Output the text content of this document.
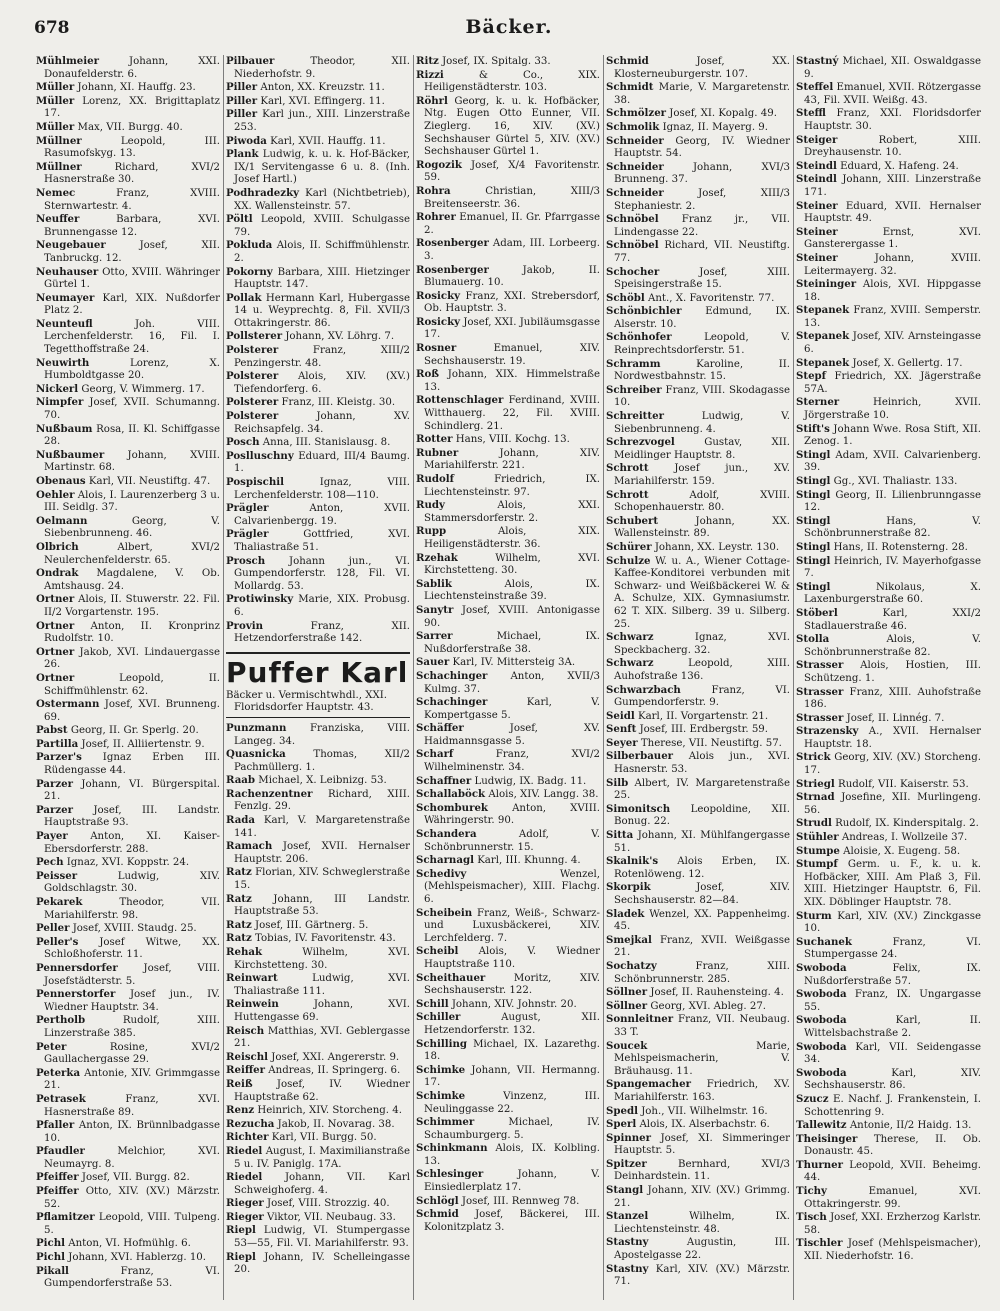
678	Bäcker.
Mühlmeier	Johann, XXI. Donaufelderstr. 6.
Müller Johann, XI. Hauffg. 23.
Müller Lorenz, XX. Brigittaplatz 17.
Müller Max, VII. Burgg. 40.
Müllner	Leopold, III. Rasumofskyg. 13.
Müllner	Richard, XVI/2 Hasnerstraße 30.
Nemec	Franz, XVIII. Sternwartestr. 4.
Neuffer	Barbara, XVI. Brunnengasse 12.
Neugebauer	Josef, XII. Tanbruckg. 12.
Neuhauser Otto, XVIII. Währinger Gürtel 1.
Neumayer Karl, XIX. Nußdorfer Platz 2.
Neunteufl	Joh. VIII. Lerchenfelderstr. 16, Fil. I. Tegetthoffstraße 24.
Neuwirth	Lorenz, X. Humboldtgasse 20.
Nickerl Georg, V. Wimmerg. 17.
Nimpfer Josef, XVII. Schumanng. 70.
Nußbaum Rosa, II. Kl. Schiffgasse 28.
Nußbaumer Johann, XVIII. Martinstr. 68.
Obenaus Karl, VII. Neustiftg. 47.
Oehler Alois, I. Laurenzerberg 3 u. III. Seidlg. 37.
Oelmann	Georg, V. Siebenbrunneng. 46.
Olbrich	Albert, XVI/2 Neulerchenfelderstr. 65.
Ondrak Magdalene, V. Ob. Amtshausg. 24.
Ortner Alois, II. Stuwerstr. 22. Fil. II/2 Vorgartenstr. 195.
Ortner Anton, II. Kronprinz Rudolfstr. 10.
Ortner Jakob, XVI. Lindauergasse 26.
Ortner	Leopold, II. Schiffmühlenstr. 62.
Ostermann Josef, XVI. Brunneng. 69.
Pabst Georg, II. Gr. Sperlg. 20.
Partilla Josef, II. Alliiertenstr. 9.
Parzer's Ignaz Erben III. Rüdengasse 44.
Parzer Johann, VI. Bürgerspital. 21.
Parzer Josef, III. Landstr. Hauptstraße 93.
Payer Anton, XI. Kaiser-Ebersdorferstr. 288.
Pech Ignaz, XVI. Koppstr. 24.
Peisser	Ludwig, XIV. Goldschlagstr. 30.
Pekarek	Theodor, VII. Mariahilferstr. 98.
Peller Josef, XVIII. Staudg. 25.
Peller's Josef Witwe, XX. Schloßhoferstr. 11.
Pennersdorfer	Josef, VIII. Josefstädterstr. 5.
Pennerstorfer Josef jun., IV. Wiedner Hauptstr. 34.
Pertholb	Rudolf, XIII. Linzerstraße 385.
Peter	Rosine, XVI/2 Gaullachergasse 29.
Peterka Antonie, XIV. Grimmgasse 21.
Petrasek	Franz, XVI. Hasnerstraße 89.
Pfaller Anton, IX. Brünnlbadgasse 10.
Pfaudler	Melchior, XVI. Neumayrg. 8.
Pfeiffer Josef, VII. Burgg. 82.
Pfeiffer Otto, XIV. (XV.) Märzstr. 52.
Pflamitzer Leopold, VIII. Tulpeng. 5.
Pichl Anton, VI. Hofmühlg. 6.
Pichl Johann, XVI. Hablerzg. 10.
Pikall	Franz, VI. Gumpendorferstraße 53.
Pilbauer	Theodor, XII. Niederhofstr. 9.
Piller Anton, XX. Kreuzstr. 11.
Piller Karl, XVI. Effingerg. 11.
Piller Karl jun., XIII. Linzerstraße 253.
Piwoda Karl, XVII. Hauffg. 11.
Plank Ludwig, k. u. k. Hof-Bäcker, IX/1 Servitengasse 6 u. 8. (Inh. Josef Hartl.)
Podhradezky Karl (Nichtbetrieb), XX. Wallensteinstr. 57.
Pöltl Leopold, XVIII. Schulgasse 79.
Pokluda Alois, II. Schiffmühlenstr. 2.
Pokorny Barbara, XIII. Hietzinger Hauptstr. 147.
Pollak Hermann Karl, Hubergasse 14 u. Weyprechtg. 8, Fil. XVII/3 Ottakringerstr. 86.
Pollsterer Johann, XV. Löhrg. 7.
Polsterer	Franz, XIII/2 Penzingerstr. 48.
Polsterer Alois, XIV. (XV.) Tiefendorferg. 6.
Polsterer Franz, III. Kleistg. 30.
Polsterer	Johann, XV. Reichsapfelg. 34.
Posch Anna, III. Stanislausg. 8.
Poslluschny Eduard, III/4 Baumg. 1.
Pospischil	Ignaz, VIII. Lerchenfelderstr. 108—110.
Prägler	Anton, XVII. Calvarienbergg. 19.
Prägler	Gottfried, XVI. Thaliastraße 51.
Prosch Johann jun., VI. Gumpendorferstr. 128, Fil. VI. Mollardg. 53.
Protiwinsky Marie, XIX. Probusg. 6.
Provin	Franz, XII. Hetzendorferstraße 142.
Puffer Karl
Bäcker u. Vermischtwhdl., XXI. Floridsdorfer Hauptstr. 43.
Punzmann Franziska, VIII. Langeg. 34.
Quasnicka	Thomas, XII/2 Pachmüllerg. 1.
Raab Michael, X. Leibnizg. 53.
Rachenzentner Richard, XIII. Fenzlg. 29.
Rada Karl, V. Margaretenstraße 141.
Ramach Josef, XVII. Hernalser Hauptstr. 206.
Ratz Florian, XIV. Schweglerstraße 15.
Ratz Johann, III Landstr. Hauptstraße 53.
Ratz Josef, III. Gärtnerg. 5.
Ratz Tobias, IV. Favoritenstr. 43.
Rehak	Wilhelm, XVI. Kirchstetteng. 30.
Reinwart	Ludwig, XVI. Thaliastraße 111.
Reinwein	Johann, XVI. Huttengasse 69.
Reisch Matthias, XVI. Geblergasse 21.
Reischl Josef, XXI. Angererstr. 9.
Reiffer Andreas, II. Springerg. 6.
Reiß Josef, IV. Wiedner Hauptstraße 62.
Renz Heinrich, XIV. Storcheng. 4.
Rezucha Jakob, II. Novarag. 38.
Richter Karl, VII. Burgg. 50.
Riedel August, I. Maximilianstraße 5 u. IV. Paniglg. 17A.
Riedel Johann, VII. Karl Schweighoferg. 4.
Rieger Josef, VIII. Strozzig. 40.
Rieger Viktor, VII. Neubaug. 33.
Riepl Ludwig, VI. Stumpergasse 53—55, Fil. VI. Mariahilferstr. 93.
Riepl Johann, IV. Schelleingasse 20.
Ritz Josef, IX. Spitalg. 33.
Rizzi	& Co., XIX. Heiligenstädterstr. 103.
Röhrl Georg, k. u. k. Hofbäcker, Ntg. Eugen Otto Eunner, VII. Zieglerg. 16, XIV. (XV.) Sechshauser Gürtel 5, XIV. (XV.) Sechshauser Gürtel 1.
Rogozik Josef, X/4 Favoritenstr. 59.
Rohra	Christian, XIII/3 Breitenseerstr. 36.
Rohrer Emanuel, II. Gr. Pfarrgasse 2.
Rosenberger Adam, III. Lorbeerg. 3.
Rosenberger	Jakob, II. Blumauerg. 10.
Rosicky Franz, XXI. Strebersdorf, Ob. Hauptstr. 3.
Rosicky Josef, XXI. Jubiläumsgasse 17.
Rosner	Emanuel, XIV. Sechshauserstr. 19.
Roß Johann, XIX. Himmelstraße 13.
Rottenschlager Ferdinand, XVIII. Witthauerg. 22, Fil. XVIII. Schindlerg. 21.
Rotter Hans, VIII. Kochg. 13.
Rubner	Johann, XIV. Mariahilferstr. 221.
Rudolf	Friedrich, IX. Liechtensteinstr. 97.
Rudy	Alois, XXI. Stammersdorferstr. 2.
Rupp	Alois, XIX. Heiligenstädterstr. 36.
Rzehak	Wilhelm, XVI. Kirchstetteng. 30.
Sablik	Alois, IX. Liechtensteinstraße 39.
Sanytr Josef, XVIII. Antonigasse 90.
Sarrer	Michael, IX. Nußdorferstraße 38.
Sauer Karl, IV. Mittersteig 3A.
Schachinger Anton, XVII/3 Kulmg. 37.
Schachinger	Karl, V. Kompertgasse 5.
Schäffer	Josef, XV. Haidmannsgasse 5.
Scharf	Franz, XVI/2 Wilhelminenstr. 34.
Schaffner Ludwig, IX. Badg. 11.
Schallaböck Alois, XIV. Langg. 38.
Schomburek Anton, XVIII. Währingerstr. 90.
Schandera	Adolf, V. Schönbrunnerstr. 15.
Scharnagl Karl, III. Khunng. 4.
Schedivy	Wenzel, (Mehlspeismacher), XIII. Flachg. 6.
Scheibein Franz, Weiß-, Schwarz- und Luxusbäckerei, XIV. Lerchfelderg. 7.
Scheibl Alois, V. Wiedner Hauptstraße 110.
Scheithauer	Moritz, XIV. Sechshauserstr. 122.
Schill Johann, XIV. Johnstr. 20.
Schiller	August, XII. Hetzendorferstr. 132.
Schilling Michael, IX. Lazarethg. 18.
Schimke Johann, VII. Hermanng. 17.
Schimke	Vinzenz, III. Neulinggasse 22.
Schimmer	Michael, IV. Schaumburgerg. 5.
Schinkmann Alois, IX. Kolbling. 13.
Schlesinger	Johann, V. Einsiedlerplatz 17.
Schlögl Josef, III. Rennweg 78.
Schmid Josef, Bäckerei, III. Kolonitzplatz 3.
Schmid	Josef, XX. Klosterneuburgerstr. 107.
Schmidt Marie, V. Margaretenstr. 38.
Schmölzer Josef, XI. Kopalg. 49.
Schmolik Ignaz, II. Mayerg. 9.
Schneider Georg, IV. Wiedner Hauptstr. 54.
Schneider	Johann, XVI/3 Brunneng. 37.
Schneider	Josef, XIII/3 Stephaniestr. 2.
Schnöbel Franz jr., VII. Lindengasse 22.
Schnöbel Richard, VII. Neustiftg. 77.
Schocher	Josef, XIII. Speisingerstraße 15.
Schöbl Ant., X. Favoritenstr. 77.
Schönbichler Edmund, IX. Alserstr. 10.
Schönhofer	Leopold, V. Reinprechtsdorferstr. 51.
Schramm	Karoline, II. Nordwestbahnstr. 15.
Schreiber Franz, VIII. Skodagasse 10.
Schreitter	Ludwig, V. Siebenbrunneng. 4.
Schrezvogel	Gustav, XII. Meidlinger Hauptstr. 8.
Schrott	Josef jun., XV. Mariahilferstr. 159.
Schrott	Adolf, XVIII. Schopenhauerstr. 80.
Schubert	Johann, XX. Wallensteinstr. 89.
Schürer Johann, XX. Leystr. 130.
Schulze W. u. A., Wiener Cottage-Kaffee-Konditorei verbunden mit Schwarz- und Weißbäckerei W. & A. Schulze, XIX. Gymnasiumstr. 62 T. XIX. Silberg. 39 u. Silberg. 25.
Schwarz	Ignaz, XVI. Speckbacherg. 32.
Schwarz	Leopold, XIII. Auhofstraße 136.
Schwarzbach	Franz, VI. Gumpendorferstr. 9.
Seidl Karl, II. Vorgartenstr. 21.
Senft Josef, III. Erdbergstr. 59.
Seyer Therese, VII. Neustiftg. 57.
Silberbauer Alois jun., XVI. Hasnerstr. 53.
Silb Albert, IV. Margaretenstraße 25.
Simonitsch Leopoldine, XII. Bonug. 22.
Sitta Johann, XI. Mühlfangergasse 51.
Skalnik's Alois Erben, IX. Rotenlöweng. 12.
Skorpik	Josef, XIV. Sechshauserstr. 82—84.
Sladek Wenzel, XX. Pappenheimg. 45.
Smejkal Franz, XVII. Weißgasse 21.
Sochatzy	Franz, XIII. Schönbrunnerstr. 285.
Söllner Josef, II. Rauhensteing. 4.
Söllner Georg, XVI. Ableg. 27.
Sonnleitner Franz, VII. Neubaug. 33 T.
Soucek	Marie, Mehlspeismacherin, V. Bräuhausg. 11.
Spangemacher Friedrich, XV. Mariahilferstr. 163.
Spedl Joh., VII. Wilhelmstr. 16.
Sperl Alois, IX. Alserbachstr. 6.
Spinner Josef, XI. Simmeringer Hauptstr. 5.
Spitzer	Bernhard, XVI/3 Deinhardstein. 11.
Stangl Johann, XIV. (XV.) Grimmg. 21.
Stanzel	Wilhelm, IX. Liechtensteinstr. 48.
Stastny	Augustin, III. Apostelgasse 22.
Stastny Karl, XIV. (XV.) Märzstr. 71.
Stastný Michael, XII. Oswaldgasse 9.
Steffel Emanuel, XVII. Rötzergasse 43, Fil. XVII. Weißg. 43.
Steffl Franz, XXI. Floridsdorfer Hauptstr. 30.
Steiger	Robert, XIII. Dreyhausenstr. 10.
Steindl Eduard, X. Hafeng. 24.
Steindl Johann, XIII. Linzerstraße 171.
Steiner Eduard, XVII. Hernalser Hauptstr. 49.
Steiner	Ernst, XVI. Gansterergasse 1.
Steiner	Johann, XVIII. Leitermayerg. 32.
Steininger Alois, XVI. Hippgasse 18.
Stepanek Franz, XVIII. Semperstr. 13.
Stepanek Josef, XIV. Arnsteingasse 6.
Stepanek Josef, X. Gellertg. 17.
Stepf Friedrich, XX. Jägerstraße 57A.
Sterner	Heinrich, XVII. Jörgerstraße 10.
Stift's Johann Wwe. Rosa Stift, XII. Zenog. 1.
Stingl Adam, XVII. Calvarienberg. 39.
Stingl Gg., XVI. Thaliastr. 133.
Stingl Georg, II. Lilienbrunngasse 12.
Stingl	Hans, V. Schönbrunnerstraße 82.
Stingl Hans, II. Rotensterng. 28.
Stingl Heinrich, IV. Mayerhofgasse 7.
Stingl	Nikolaus, X. Laxenburgerstraße 60.
Stöberl	Karl, XXI/2 Stadlauerstraße 46.
Stolla	Alois, V. Schönbrunnerstraße 82.
Strasser Alois, Hostien, III. Schützeng. 1.
Strasser Franz, XIII. Auhofstraße 186.
Strasser Josef, II. Linnég. 7.
Strazensky A., XVII. Hernalser Hauptstr. 18.
Strick Georg, XIV. (XV.) Storcheng. 17.
Striegl Rudolf, VII. Kaiserstr. 53.
Strnad Josefine, XII. Murlingeng. 56.
Strudl Rudolf, IX. Kinderspitalg. 2.
Stühler Andreas, I. Wollzeile 37.
Stumpe Aloisie, X. Eugeng. 58.
Stumpf Germ. u. F., k. u. k. Hofbäcker, XIII. Am Plaß 3, Fil. XIII. Hietzinger Hauptstr. 6, Fil. XIX. Döblinger Hauptstr. 78.
Sturm Karl, XIV. (XV.) Zinckgasse 10.
Suchanek	Franz, VI. Stumpergasse 24.
Swoboda	Felix, IX. Nußdorferstraße 57.
Swoboda Franz, IX. Ungargasse 55.
Swoboda	Karl, II. Wittelsbachstraße 2.
Swoboda Karl, VII. Seidengasse 34.
Swoboda	Karl, XIV. Sechshauserstr. 86.
Szucz E. Nachf. J. Frankenstein, I. Schottenring 9.
Tallewitz Antonie, II/2 Haidg. 13.
Theisinger Therese, II. Ob. Donaustr. 45.
Thurner Leopold, XVII. Beheimg. 44.
Tichy	Emanuel, XVI. Ottakringerstr. 99.
Tisch Josef, XXI. Erzherzog Karlstr. 58.
Tischler Josef (Mehlspeismacher), XII. Niederhofstr. 16.
